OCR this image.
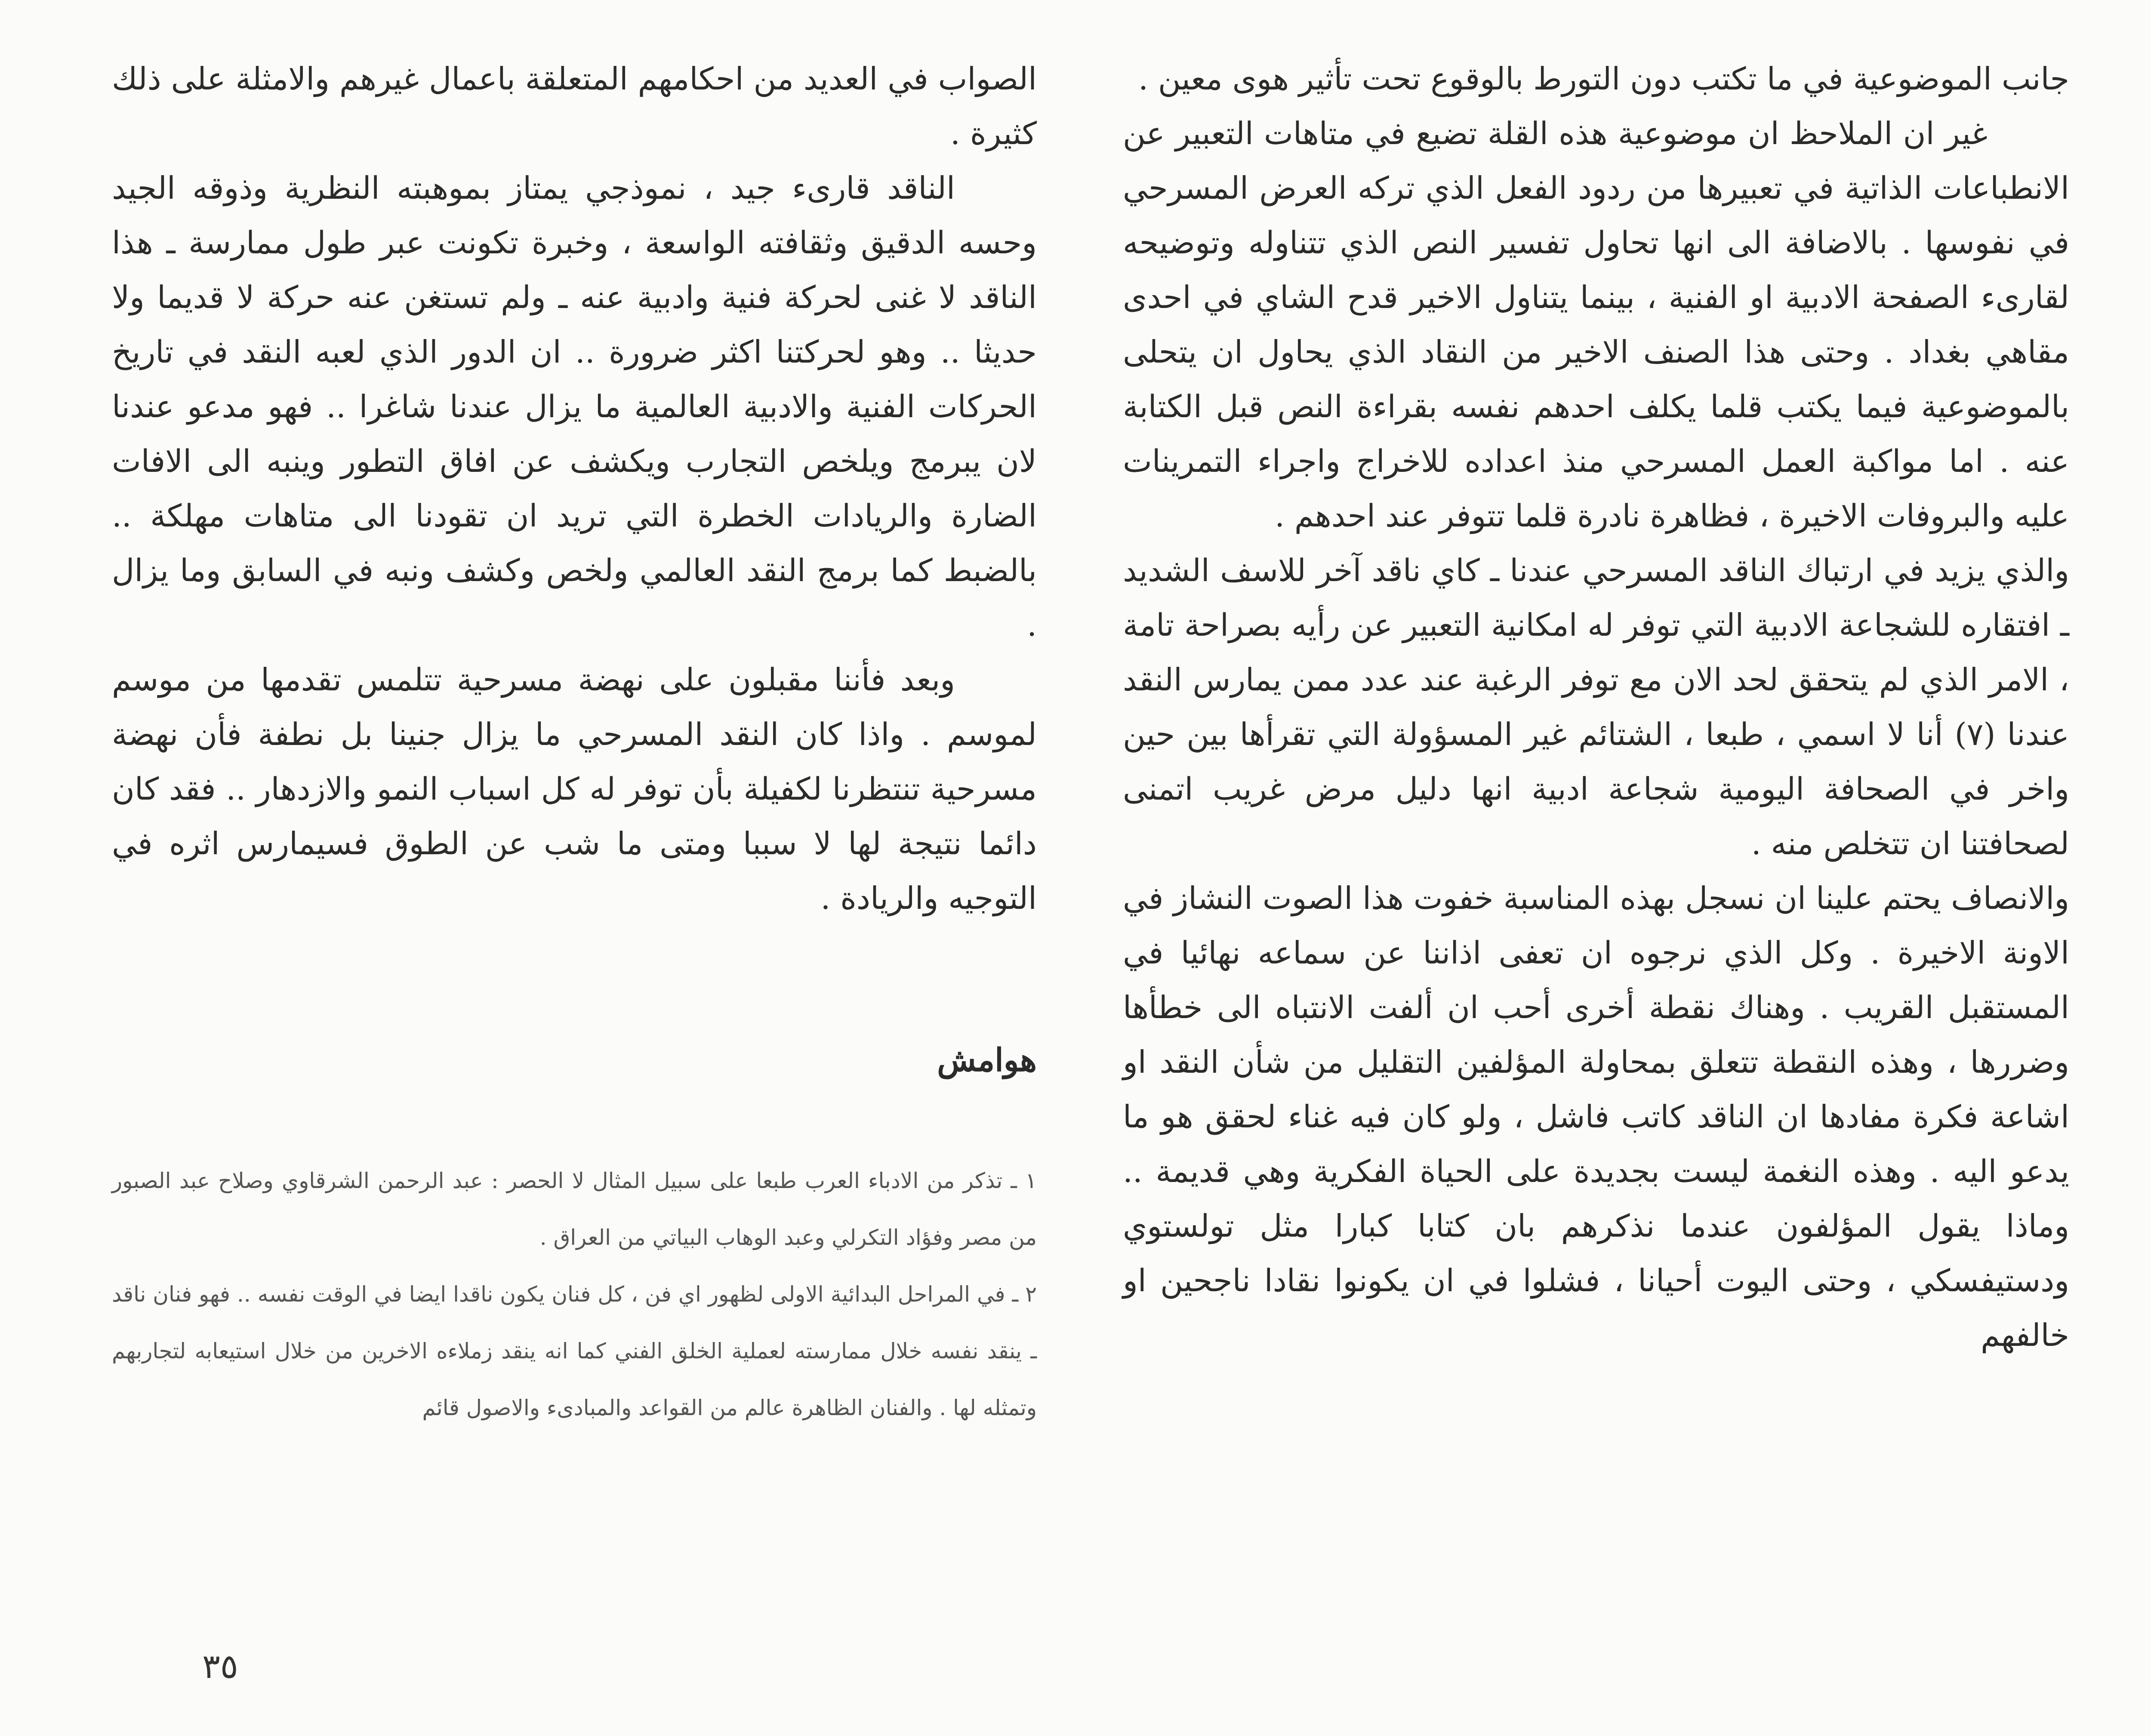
جانب الموضوعية في ما تكتب دون التورط بالوقوع تحت تأثير هوى معين .

غير ان الملاحظ ان موضوعية هذه القلة تضيع في متاهات التعبير عن الانطباعات الذاتية في تعبيرها من ردود الفعل الذي تركه العرض المسرحي في نفوسها . بالاضافة الى انها تحاول تفسير النص الذي تتناوله وتوضيحه لقارىء الصفحة الادبية او الفنية ، بينما يتناول الاخير قدح الشاي في احدى مقاهي بغداد . وحتى هذا الصنف الاخير من النقاد الذي يحاول ان يتحلى بالموضوعية فيما يكتب قلما يكلف احدهم نفسه بقراءة النص قبل الكتابة عنه . اما مواكبة العمل المسرحي منذ اعداده للاخراج واجراء التمرينات عليه والبروفات الاخيرة ، فظاهرة نادرة قلما تتوفر عند احدهم .

والذي يزيد في ارتباك الناقد المسرحي عندنا ـ كاي ناقد آخر للاسف الشديد ـ افتقاره للشجاعة الادبية التي توفر له امكانية التعبير عن رأيه بصراحة تامة ، الامر الذي لم يتحقق لحد الان مع توفر الرغبة عند عدد ممن يمارس النقد عندنا (٧) أنا لا اسمي ، طبعا ، الشتائم غير المسؤولة التي تقرأها بين حين واخر في الصحافة اليومية شجاعة ادبية انها دليل مرض غريب اتمنى لصحافتنا ان تتخلص منه .

والانصاف يحتم علينا ان نسجل بهذه المناسبة خفوت هذا الصوت النشاز في الاونة الاخيرة . وكل الذي نرجوه ان تعفى اذاننا عن سماعه نهائيا في المستقبل القريب . وهناك نقطة أخرى أحب ان ألفت الانتباه الى خطأها وضررها ، وهذه النقطة تتعلق بمحاولة المؤلفين التقليل من شأن النقد او اشاعة فكرة مفادها ان الناقد كاتب فاشل ، ولو كان فيه غناء لحقق هو ما يدعو اليه . وهذه النغمة ليست بجديدة على الحياة الفكرية وهي قديمة .. وماذا يقول المؤلفون عندما نذكرهم بان كتابا كبارا مثل تولستوي ودستيفسكي ، وحتى اليوت أحيانا ، فشلوا في ان يكونوا نقادا ناجحين او خالفهم

الصواب في العديد من احكامهم المتعلقة باعمال غيرهم والامثلة على ذلك كثيرة .

الناقد قارىء جيد ، نموذجي يمتاز بموهبته النظرية وذوقه الجيد وحسه الدقيق وثقافته الواسعة ، وخبرة تكونت عبر طول ممارسة ـ هذا الناقد لا غنى لحركة فنية وادبية عنه ـ ولم تستغن عنه حركة لا قديما ولا حديثا .. وهو لحركتنا اكثر ضرورة .. ان الدور الذي لعبه النقد في تاريخ الحركات الفنية والادبية العالمية ما يزال عندنا شاغرا .. فهو مدعو عندنا لان يبرمج ويلخص التجارب ويكشف عن افاق التطور وينبه الى الافات الضارة والريادات الخطرة التي تريد ان تقودنا الى متاهات مهلكة .. بالضبط كما برمج النقد العالمي ولخص وكشف ونبه في السابق وما يزال .

وبعد فأننا مقبلون على نهضة مسرحية تتلمس تقدمها من موسم لموسم . واذا كان النقد المسرحي ما يزال جنينا بل نطفة فأن نهضة مسرحية تنتظرنا لكفيلة بأن توفر له كل اسباب النمو والازدهار .. فقد كان دائما نتيجة لها لا سببا ومتى ما شب عن الطوق فسيمارس اثره في التوجيه والريادة .

هوامش

١ ـ تذكر من الادباء العرب طبعا على سبيل المثال لا الحصر : عبد الرحمن الشرقاوي وصلاح عبد الصبور من مصر وفؤاد التكرلي وعبد الوهاب البياتي من العراق .

٢ ـ في المراحل البدائية الاولى لظهور اي فن ، كل فنان يكون ناقدا ايضا في الوقت نفسه .. فهو فنان ناقد ـ ينقد نفسه خلال ممارسته لعملية الخلق الفني كما انه ينقد زملاءه الاخرين من خلال استيعابه لتجاربهم وتمثله لها . والفنان الظاهرة عالم من القواعد والمبادىء والاصول قائم

٣٥
